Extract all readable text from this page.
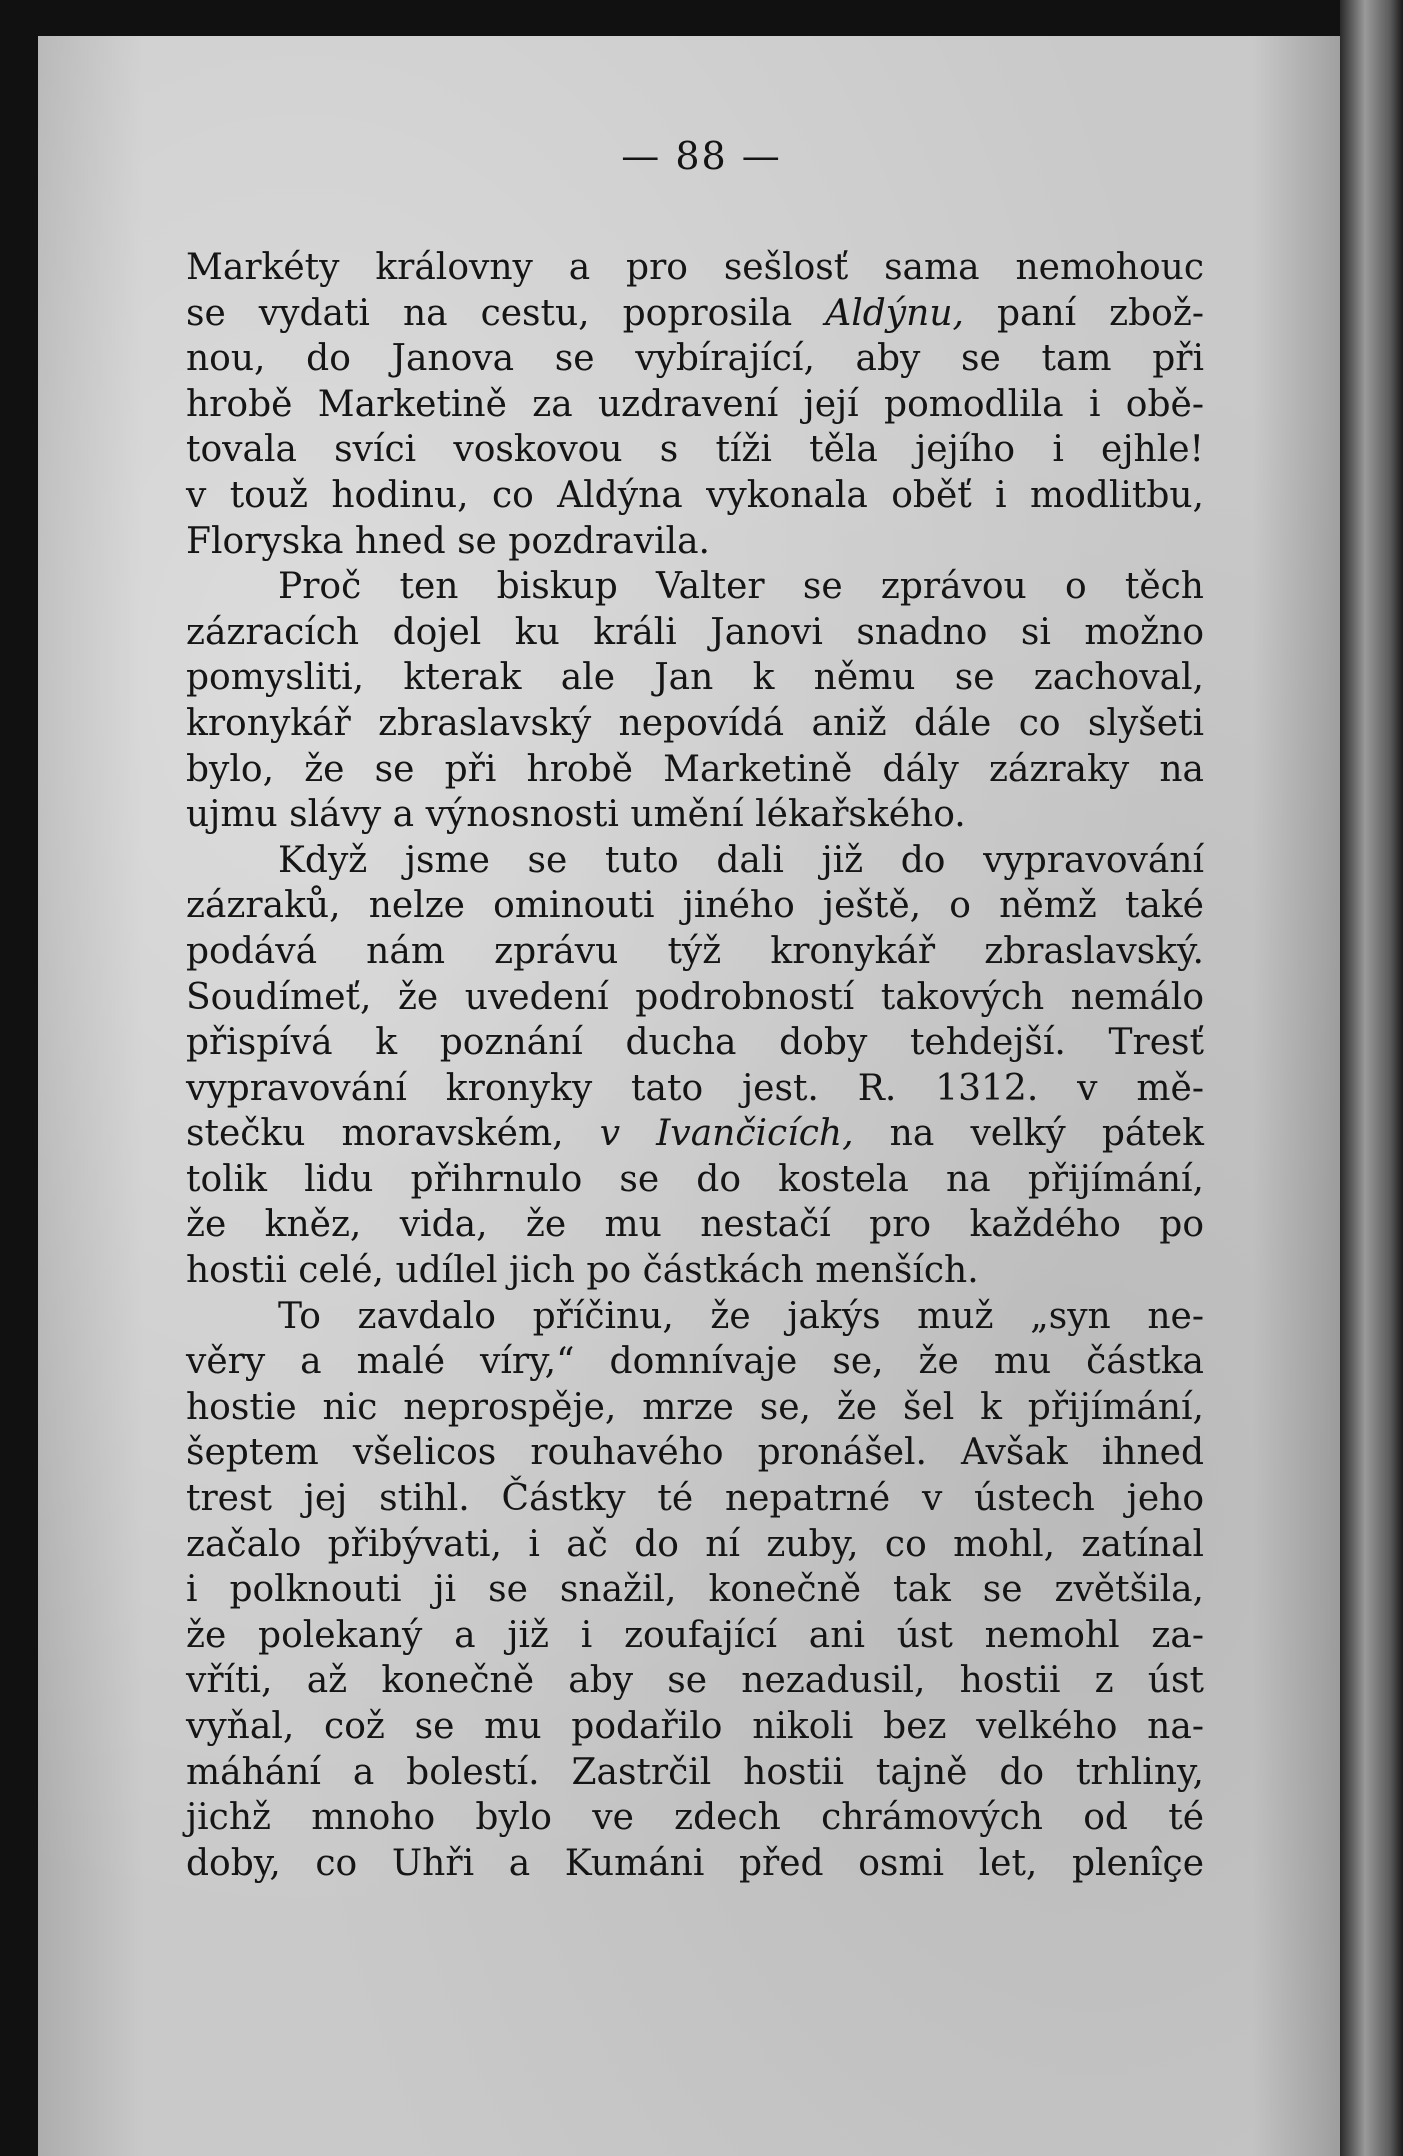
— 88 —
Markéty královny a pro sešlosť sama nemohouc
se vydati na cestu, poprosila Aldýnu, paní zbož-
nou, do Janova se vybírající, aby se tam při
hrobě Marketině za uzdravení její pomodlila i obě-
tovala svíci voskovou s tíži těla jejího i ejhle!
v touž hodinu, co Aldýna vykonala oběť i modlitbu,
Floryska hned se pozdravila.
Proč ten biskup Valter se zprávou o těch
zázracích dojel ku králi Janovi snadno si možno
pomysliti, kterak ale Jan k němu se zachoval,
kronykář zbraslavský nepovídá aniž dále co slyšeti
bylo, že se při hrobě Marketině dály zázraky na
ujmu slávy a výnosnosti umění lékařského.
Když jsme se tuto dali již do vypravování
zázraků, nelze ominouti jiného ještě, o němž také
podává nám zprávu týž kronykář zbraslavský.
Soudímeť, že uvedení podrobností takových nemálo
přispívá k poznání ducha doby tehdejší. Tresť
vypravování kronyky tato jest. R. 1312. v mě-
stečku moravském, v Ivančicích, na velký pátek
tolik lidu přihrnulo se do kostela na přijímání,
že kněz, vida, že mu nestačí pro každého po
hostii celé, udílel jich po částkách menších.
To zavdalo příčinu, že jakýs muž „syn ne-
věry a malé víry,“ domnívaje se, že mu částka
hostie nic neprospěje, mrze se, že šel k přijímání,
šeptem všelicos rouhavého pronášel. Avšak ihned
trest jej stihl. Částky té nepatrné v ústech jeho
začalo přibývati, i ač do ní zuby, co mohl, zatínal
i polknouti ji se snažil, konečně tak se zvětšila,
že polekaný a již i zoufající ani úst nemohl za-
vříti, až konečně aby se nezadusil, hostii z úst
vyňal, což se mu podařilo nikoli bez velkého na-
máhání a bolestí. Zastrčil hostii tajně do trhliny,
jichž mnoho bylo ve zdech chrámových od té
doby, co Uhři a Kumáni před osmi let, plenîçe
